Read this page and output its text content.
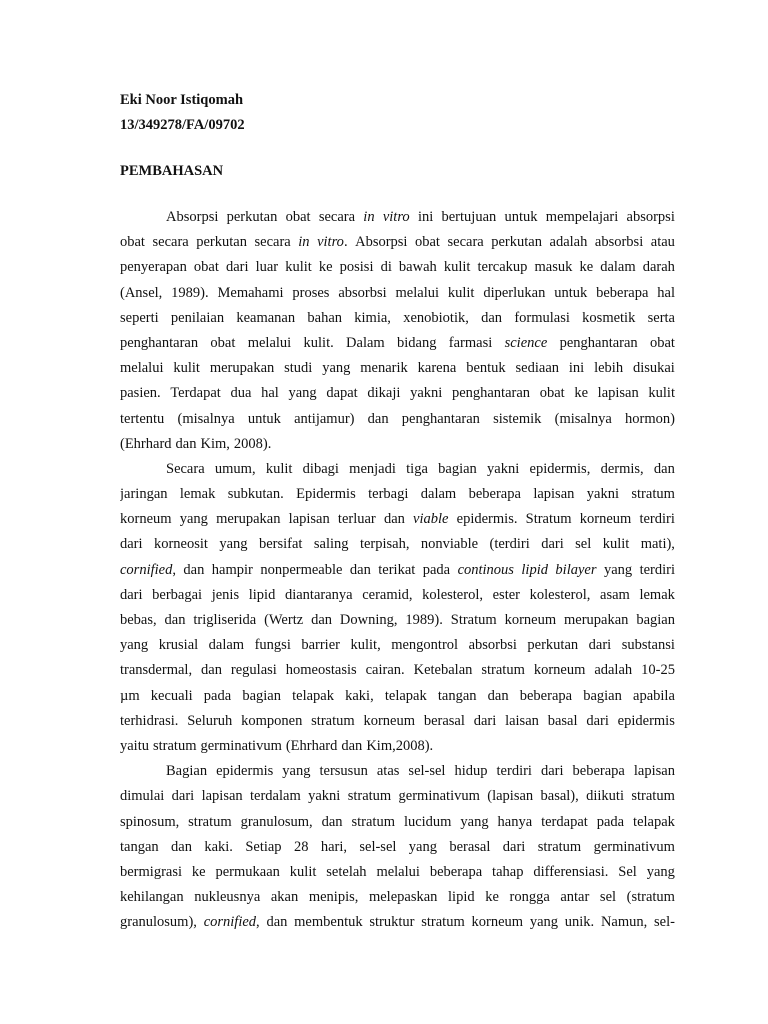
Eki Noor Istiqomah
13/349278/FA/09702
PEMBAHASAN
Absorpsi perkutan obat secara in vitro ini bertujuan untuk mempelajari absorpsi
obat secara perkutan secara in vitro. Absorpsi obat secara perkutan adalah absorbsi atau
penyerapan obat dari luar kulit ke posisi di bawah kulit tercakup masuk ke dalam darah
(Ansel, 1989). Memahami proses absorbsi melalui kulit diperlukan untuk beberapa hal
seperti penilaian keamanan bahan kimia, xenobiotik, dan formulasi kosmetik serta
penghantaran obat melalui kulit. Dalam bidang farmasi science penghantaran obat
melalui kulit merupakan studi yang menarik karena bentuk sediaan ini lebih disukai
pasien. Terdapat dua hal yang dapat dikaji yakni penghantaran obat ke lapisan kulit
tertentu (misalnya untuk antijamur) dan penghantaran sistemik (misalnya hormon)
(Ehrhard dan Kim, 2008).
Secara umum, kulit dibagi menjadi tiga bagian yakni epidermis, dermis, dan
jaringan lemak subkutan. Epidermis terbagi dalam beberapa lapisan yakni stratum
korneum yang merupakan lapisan terluar dan viable epidermis. Stratum korneum terdiri
dari korneosit yang bersifat saling terpisah, nonviable (terdiri dari sel kulit mati),
cornified, dan hampir nonpermeable dan terikat pada continous lipid bilayer yang terdiri
dari berbagai jenis lipid diantaranya ceramid, kolesterol, ester kolesterol, asam lemak
bebas, dan trigliserida (Wertz dan Downing, 1989). Stratum korneum merupakan bagian
yang krusial dalam fungsi barrier kulit, mengontrol absorbsi perkutan dari substansi
transdermal, dan regulasi homeostasis cairan. Ketebalan stratum korneum adalah 10-25
µm kecuali pada bagian telapak kaki, telapak tangan dan beberapa bagian apabila
terhidrasi. Seluruh komponen stratum korneum berasal dari laisan basal dari epidermis
yaitu stratum germinativum (Ehrhard dan Kim,2008).
Bagian epidermis yang tersusun atas sel-sel hidup terdiri dari beberapa lapisan
dimulai dari lapisan terdalam yakni stratum germinativum (lapisan basal), diikuti stratum
spinosum, stratum granulosum, dan stratum lucidum yang hanya terdapat pada telapak
tangan dan kaki. Setiap 28 hari, sel-sel yang berasal dari stratum germinativum
bermigrasi ke permukaan kulit setelah melalui beberapa tahap differensiasi. Sel yang
kehilangan nukleusnya akan menipis, melepaskan lipid ke rongga antar sel (stratum
granulosum), cornified, dan membentuk struktur stratum korneum yang unik. Namun, sel-
